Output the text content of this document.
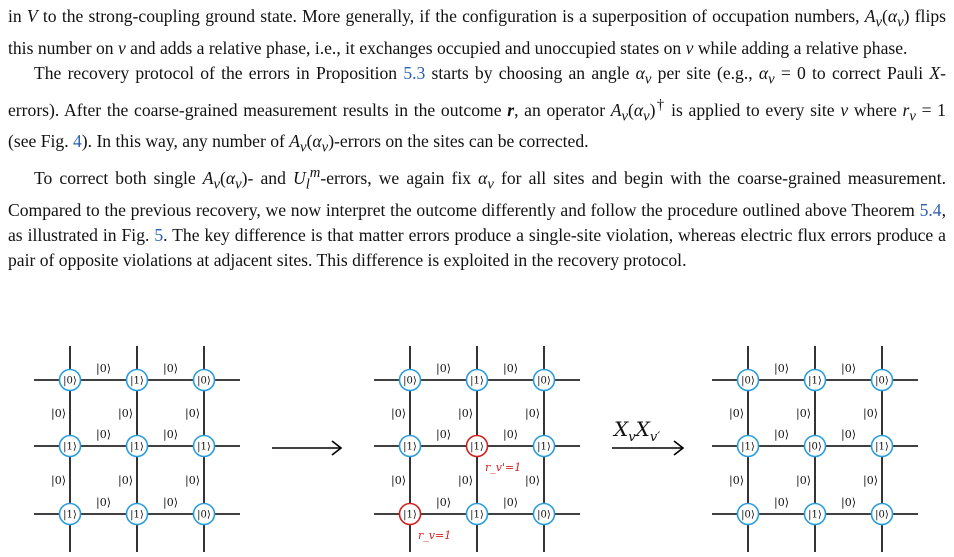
in V to the strong-coupling ground state. More generally, if the configuration is a superposition of occupation numbers, $A_v(\alpha_v)$ flips this number on v and adds a relative phase, i.e., it exchanges occupied and unoccupied states on v while adding a relative phase.

The recovery protocol of the errors in Proposition 5.3 starts by choosing an angle $\alpha_v$ per site (e.g., $\alpha_v = 0$ to correct Pauli X-errors). After the coarse-grained measurement results in the outcome r, an operator $A_v(\alpha_v)^\dagger$ is applied to every site v where $r_v = 1$ (see Fig. 4). In this way, any number of $A_v(\alpha_v)$-errors on the sites can be corrected.

To correct both single $A_v(\alpha_v)-$ and $U_l^m$-errors, we again fix $\alpha_v$ for all sites and begin with the coarse-grained measurement. Compared to the previous recovery, we now interpret the outcome differently and follow the procedure outlined above Theorem 5.4, as illustrated in Fig. 5. The key difference is that matter errors produce a single-site violation, whereas electric flux errors produce a pair of opposite violations at adjacent sites. This difference is exploited in the recovery protocol.

|0⟩	|0⟩
|0⟩	|0⟩
|0⟩	|0⟩
|0⟩	|0⟩	|0⟩
|0⟩	|0⟩	|0⟩
|0⟩	|1⟩	|0⟩
|1⟩	|1⟩	|1⟩
|1⟩	|1⟩	|0⟩
|0⟩	|0⟩
|0⟩	|0⟩
|0⟩	|0⟩
|0⟩	|0⟩	|0⟩
|0⟩	|0⟩	|0⟩
|0⟩	|1⟩	|0⟩
|1⟩	|1⟩	|1⟩
|1⟩	|1⟩	|0⟩
r_v'=1
r_v=1
|0⟩	|0⟩
|0⟩	|0⟩
|0⟩	|0⟩
|0⟩	|0⟩	|0⟩
|0⟩	|0⟩	|0⟩
|0⟩	|1⟩	|0⟩
|1⟩	|0⟩	|1⟩
|0⟩	|1⟩	|0⟩
$X_vX_{v'}$
